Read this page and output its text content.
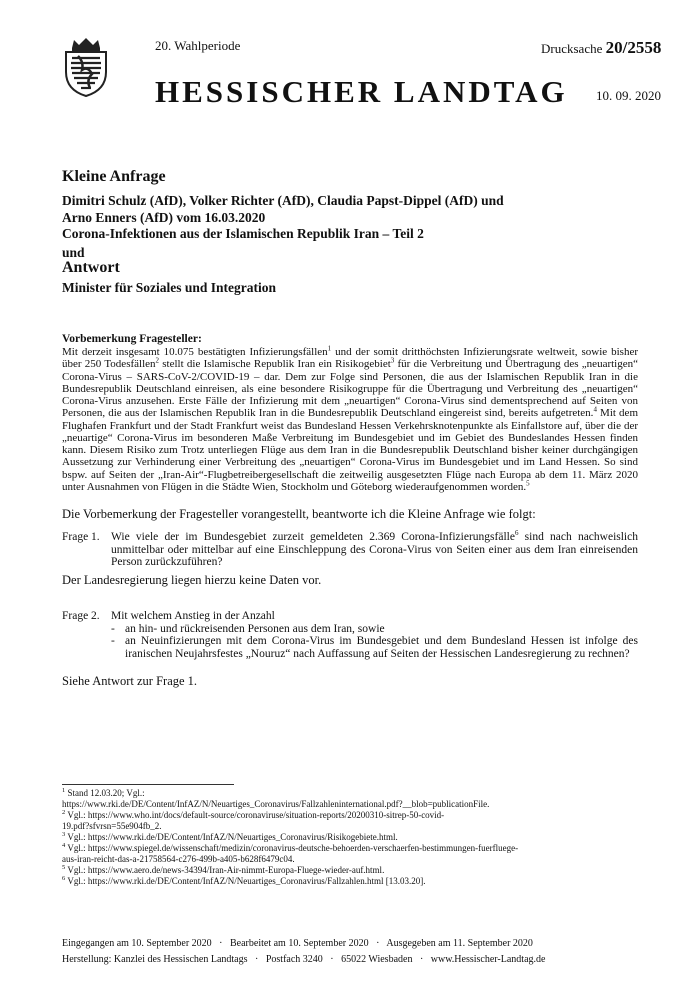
20. Wahlperiode	Drucksache 20/2558
HESSISCHER LANDTAG 10. 09. 2020
Kleine Anfrage
Dimitri Schulz (AfD), Volker Richter (AfD), Claudia Papst-Dippel (AfD) und Arno Enners (AfD) vom 16.03.2020
Corona-Infektionen aus der Islamischen Republik Iran – Teil 2
und
Antwort
Minister für Soziales und Integration
Vorbemerkung Fragesteller:

Mit derzeit insgesamt 10.075 bestätigten Infizierungsfällen$^1$ und der somit dritthöchsten Infizierungsrate weltweit, sowie bisher über 250 Todesfällen$^2$ stellt die Islamische Republik Iran ein Risikogebiet$^3$ für die Verbreitung und Übertragung des „neuartigen“ Corona-Virus – SARS-CoV-2/COVID-19 – dar. Dem zur Folge sind Personen, die aus der Islamischen Republik Iran in die Bundesrepublik Deutschland einreisen, als eine besondere Risikogruppe für die Übertragung und Verbreitung des „neuartigen“ Corona-Virus anzusehen. Erste Fälle der Infizierung mit dem „neuartigen“ Corona-Virus sind dementsprechend auf Seiten von Personen, die aus der Islamischen Republik Iran in die Bundesrepublik Deutschland eingereist sind, bereits aufgetreten.$^4$ Mit dem Flughafen Frankfurt und der Stadt Frankfurt weist das Bundesland Hessen Verkehrsknotenpunkte als Einfallstore auf, über die der „neuartige“ Corona-Virus im besonderen Maße Verbreitung im Bundesgebiet und im Gebiet des Bundeslandes Hessen finden kann. Diesem Risiko zum Trotz unterliegen Flüge aus dem Iran in die Bundesrepublik Deutschland bisher keiner durchgängigen Aussetzung zur Verhinderung einer Verbreitung des „neuartigen“ Corona-Virus im Bundesgebiet und im Land Hessen. So sind bspw. auf Seiten der „Iran-Air“-Flugbetreibergesellschaft die zeitweilig ausgesetzten Flüge nach Europa ab dem 11. März 2020 unter Ausnahmen von Flügen in die Städte Wien, Stockholm und Göteborg wiederaufgenommen worden.$^5$

Die Vorbemerkung der Fragesteller vorangestellt, beantworte ich die Kleine Anfrage wie folgt:
Frage 1. Wie viele der im Bundesgebiet zurzeit gemeldeten 2.369 Corona-Infizierungsfälle$^6$ sind nach nachweislich unmittelbar oder mittelbar auf eine Einschleppung des Corona-Virus von Seiten einer aus dem Iran einreisenden Person zurückzuführen?
Der Landesregierung liegen hierzu keine Daten vor.
Frage 2. Mit welchem Anstieg in der Anzahl
- an hin- und rückreisenden Personen aus dem Iran, sowie
- an Neuinfizierungen mit dem Corona-Virus im Bundesgebiet und dem Bundesland Hessen ist infolge des iranischen Neujahrsfestes „Nouruz“ nach Auffassung auf Seiten der Hessischen Landesregierung zu rechnen?
Siehe Antwort zur Frage 1.
$^1$ Stand 12.03.20; Vgl.:
https://www.rki.de/DE/Content/InfAZ/N/Neuartiges_Coronavirus/Fallzahleninternational.pdf?__blob=publicationFile.
$^2$ Vgl.: https://www.who.int/docs/default-source/coronaviruse/situation-reports/20200310-sitrep-50-covid-
19.pdf?sfvrsn=55e904fb_2.
$^3$ Vgl.: https://www.rki.de/DE/Content/InfAZ/N/Neuartiges_Coronavirus/Risikogebiete.html.
$^4$ Vgl.: https://www.spiegel.de/wissenschaft/medizin/coronavirus-deutsche-behoerden-verschaerfen-bestimmungen-fuerfluege-
aus-iran-reicht-das-a-21758564-c276-499b-a405-b628f6479c04.
$^5$ Vgl.: https://www.aero.de/news-34394/Iran-Air-nimmt-Europa-Fluege-wieder-auf.html.
$^6$ Vgl.: https://www.rki.de/DE/Content/InfAZ/N/Neuartiges_Coronavirus/Fallzahlen.html [13.03.20].
Eingegangen am 10. September 2020   ·   Bearbeitet am 10. September 2020   ·   Ausgegeben am 11. September 2020
Herstellung: Kanzlei des Hessischen Landtags   ·   Postfach 3240   ·   65022 Wiesbaden   ·   www.Hessischer-Landtag.de
